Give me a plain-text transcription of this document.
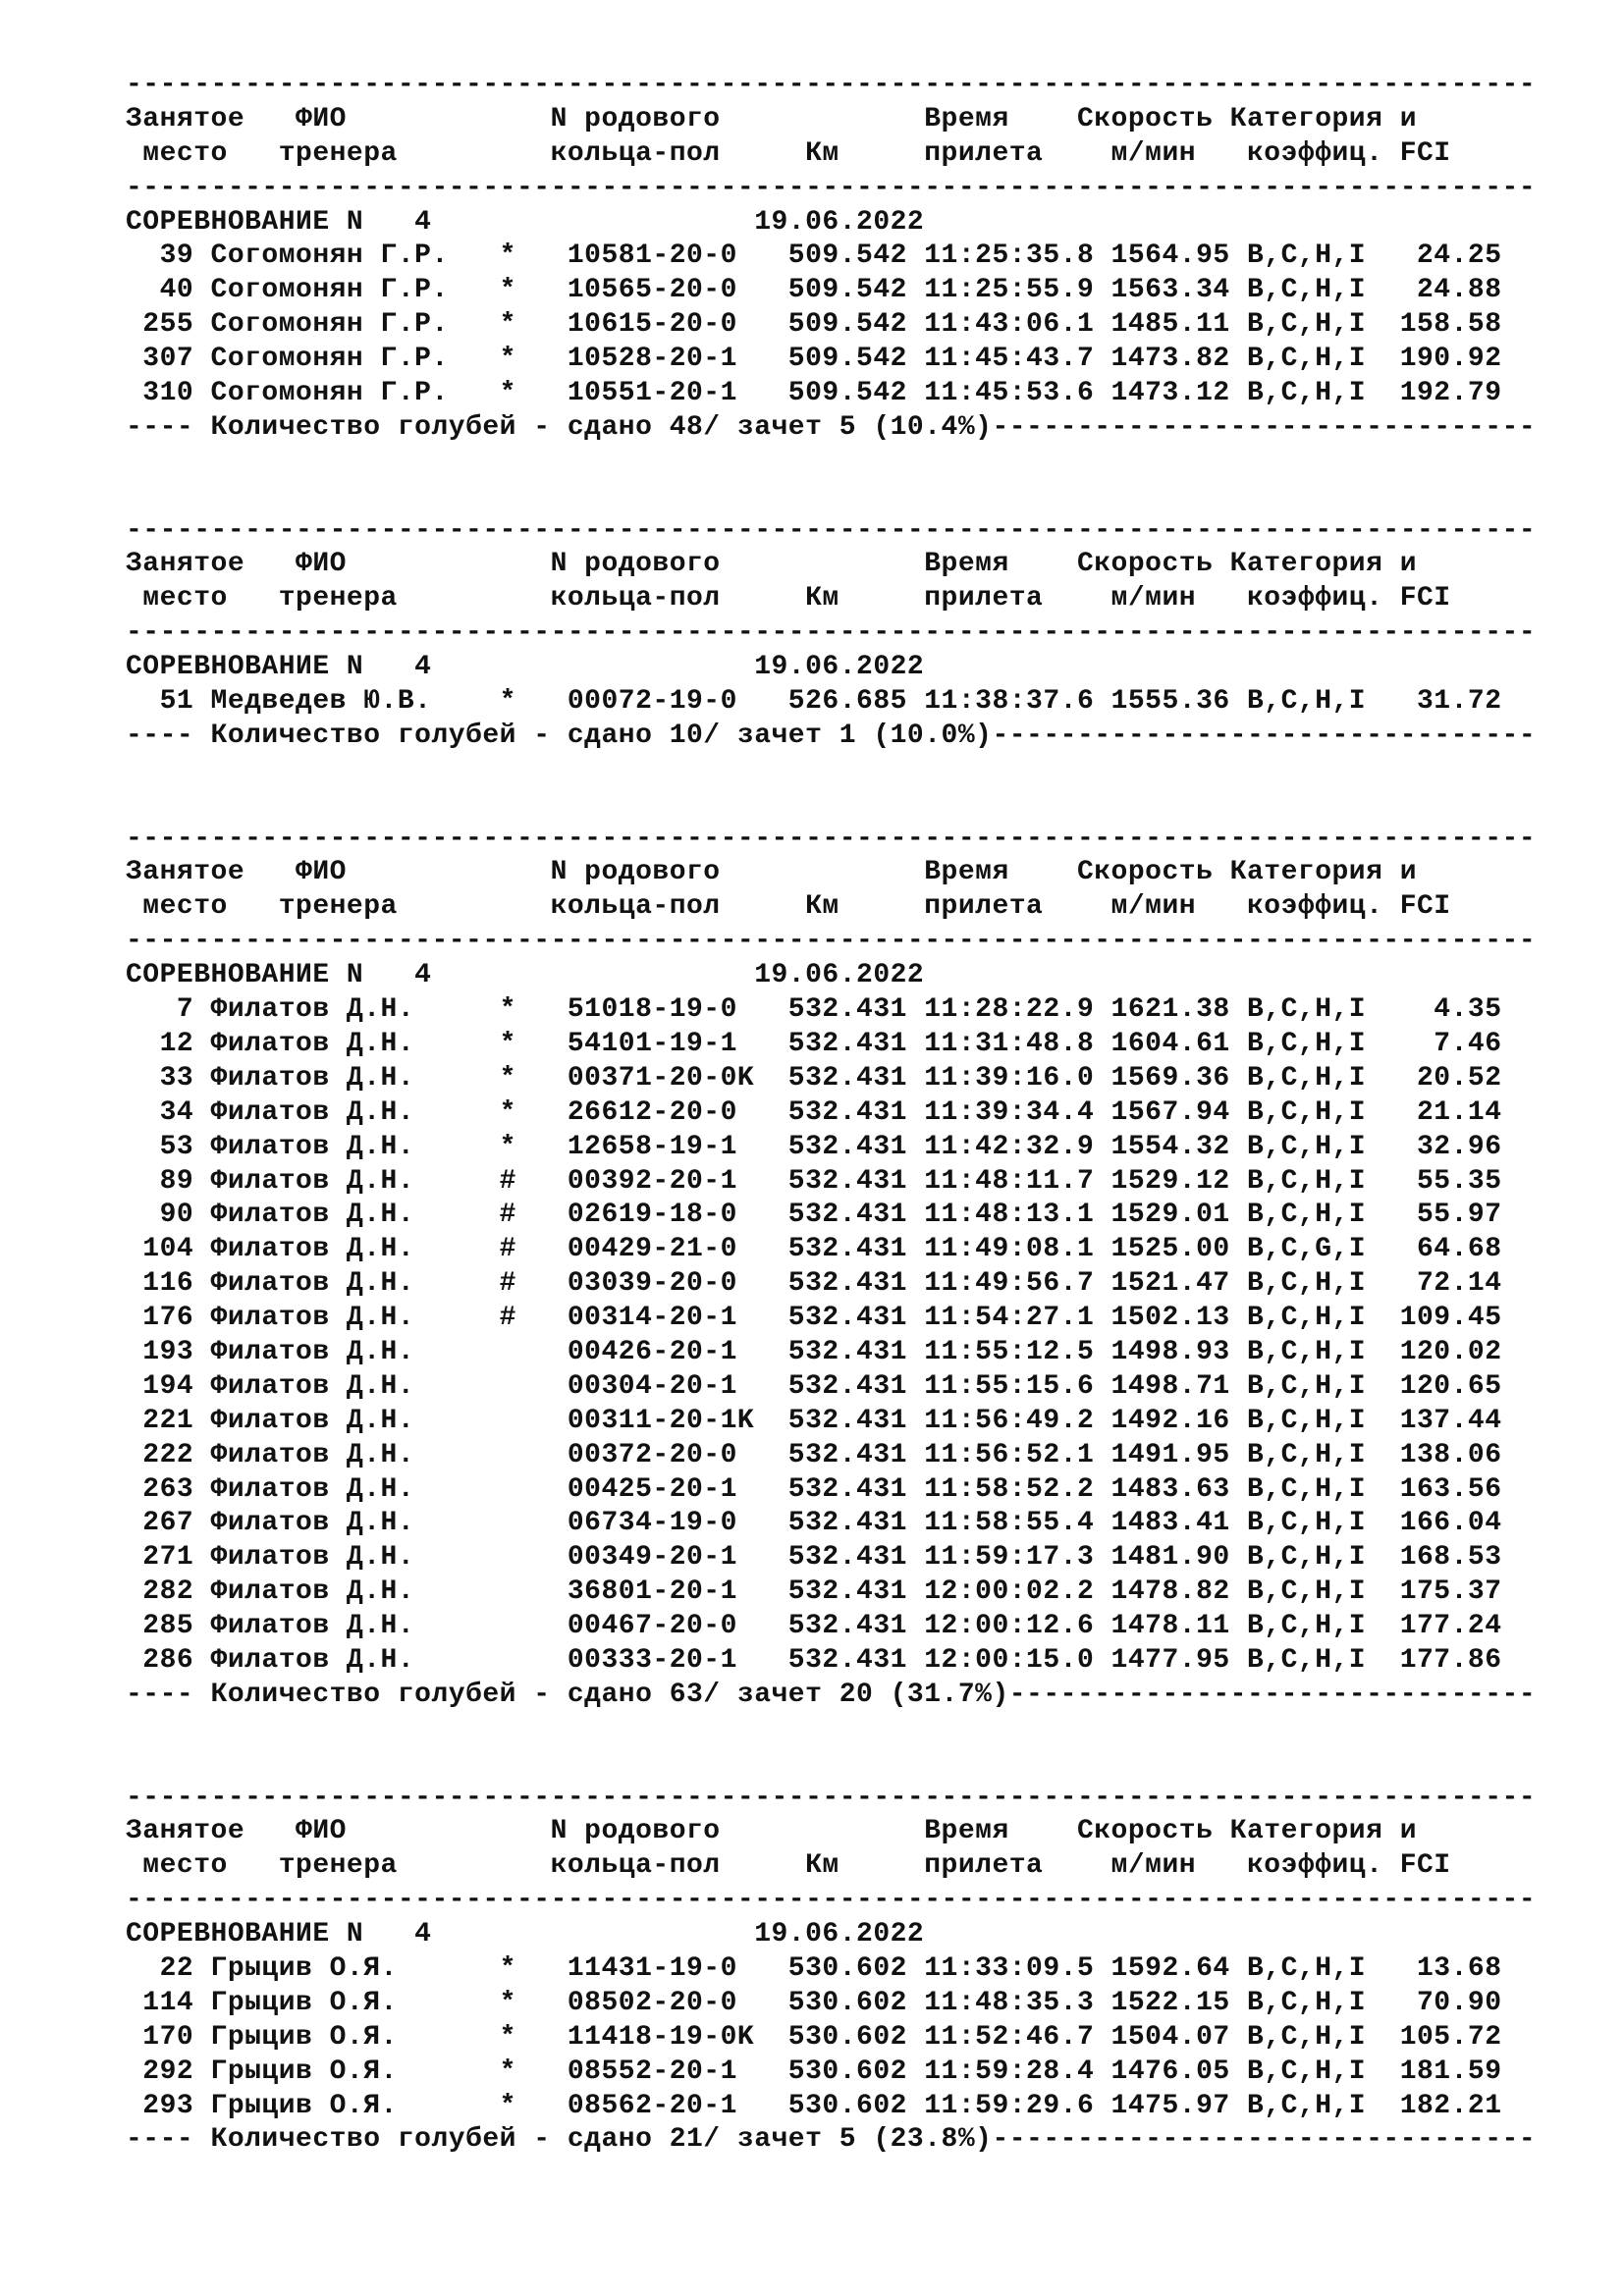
-----------------------------------------------------------------------------------
Занятое   ФИО            N родового            Время    Скорость Категория и
место   тренера         кольца-пол     Км     прилета    м/мин   коэффиц. FCI
-----------------------------------------------------------------------------------
СОРЕВНОВАНИЕ N   4                   19.06.2022
39 Согомонян Г.Р.   *   10581-20-0   509.542 11:25:35.8 1564.95 B,C,H,I   24.25
40 Согомонян Г.Р.   *   10565-20-0   509.542 11:25:55.9 1563.34 B,C,H,I   24.88
255 Согомонян Г.Р.   *   10615-20-0   509.542 11:43:06.1 1485.11 B,C,H,I  158.58
307 Согомонян Г.Р.   *   10528-20-1   509.542 11:45:43.7 1473.82 B,C,H,I  190.92
310 Согомонян Г.Р.   *   10551-20-1   509.542 11:45:53.6 1473.12 B,C,H,I  192.79
---- Количество голубей - сдано 48/ зачет 5 (10.4%)--------------------------------
-----------------------------------------------------------------------------------
Занятое   ФИО            N родового            Время    Скорость Категория и
место   тренера         кольца-пол     Км     прилета    м/мин   коэффиц. FCI
-----------------------------------------------------------------------------------
СОРЕВНОВАНИЕ N   4                   19.06.2022
51 Медведев Ю.В.    *   00072-19-0   526.685 11:38:37.6 1555.36 B,C,H,I   31.72
---- Количество голубей - сдано 10/ зачет 1 (10.0%)--------------------------------
-----------------------------------------------------------------------------------
Занятое   ФИО            N родового            Время    Скорость Категория и
место   тренера         кольца-пол     Км     прилета    м/мин   коэффиц. FCI
-----------------------------------------------------------------------------------
СОРЕВНОВАНИЕ N   4                   19.06.2022
7 Филатов Д.Н.     *   51018-19-0   532.431 11:28:22.9 1621.38 B,C,H,I    4.35
12 Филатов Д.Н.     *   54101-19-1   532.431 11:31:48.8 1604.61 B,C,H,I    7.46
33 Филатов Д.Н.     *   00371-20-0K  532.431 11:39:16.0 1569.36 B,C,H,I   20.52
34 Филатов Д.Н.     *   26612-20-0   532.431 11:39:34.4 1567.94 B,C,H,I   21.14
53 Филатов Д.Н.     *   12658-19-1   532.431 11:42:32.9 1554.32 B,C,H,I   32.96
89 Филатов Д.Н.     #   00392-20-1   532.431 11:48:11.7 1529.12 B,C,H,I   55.35
90 Филатов Д.Н.     #   02619-18-0   532.431 11:48:13.1 1529.01 B,C,H,I   55.97
104 Филатов Д.Н.     #   00429-21-0   532.431 11:49:08.1 1525.00 B,C,G,I   64.68
116 Филатов Д.Н.     #   03039-20-0   532.431 11:49:56.7 1521.47 B,C,H,I   72.14
176 Филатов Д.Н.     #   00314-20-1   532.431 11:54:27.1 1502.13 B,C,H,I  109.45
193 Филатов Д.Н.         00426-20-1   532.431 11:55:12.5 1498.93 B,C,H,I  120.02
194 Филатов Д.Н.         00304-20-1   532.431 11:55:15.6 1498.71 B,C,H,I  120.65
221 Филатов Д.Н.         00311-20-1K  532.431 11:56:49.2 1492.16 B,C,H,I  137.44
222 Филатов Д.Н.         00372-20-0   532.431 11:56:52.1 1491.95 B,C,H,I  138.06
263 Филатов Д.Н.         00425-20-1   532.431 11:58:52.2 1483.63 B,C,H,I  163.56
267 Филатов Д.Н.         06734-19-0   532.431 11:58:55.4 1483.41 B,C,H,I  166.04
271 Филатов Д.Н.         00349-20-1   532.431 11:59:17.3 1481.90 B,C,H,I  168.53
282 Филатов Д.Н.         36801-20-1   532.431 12:00:02.2 1478.82 B,C,H,I  175.37
285 Филатов Д.Н.         00467-20-0   532.431 12:00:12.6 1478.11 B,C,H,I  177.24
286 Филатов Д.Н.         00333-20-1   532.431 12:00:15.0 1477.95 B,C,H,I  177.86
---- Количество голубей - сдано 63/ зачет 20 (31.7%)-------------------------------
-----------------------------------------------------------------------------------
Занятое   ФИО            N родового            Время    Скорость Категория и
место   тренера         кольца-пол     Км     прилета    м/мин   коэффиц. FCI
-----------------------------------------------------------------------------------
СОРЕВНОВАНИЕ N   4                   19.06.2022
22 Грыцив О.Я.      *   11431-19-0   530.602 11:33:09.5 1592.64 B,C,H,I   13.68
114 Грыцив О.Я.      *   08502-20-0   530.602 11:48:35.3 1522.15 B,C,H,I   70.90
170 Грыцив О.Я.      *   11418-19-0K  530.602 11:52:46.7 1504.07 B,C,H,I  105.72
292 Грыцив О.Я.      *   08552-20-1   530.602 11:59:28.4 1476.05 B,C,H,I  181.59
293 Грыцив О.Я.      *   08562-20-1   530.602 11:59:29.6 1475.97 B,C,H,I  182.21
---- Количество голубей - сдано 21/ зачет 5 (23.8%)--------------------------------
